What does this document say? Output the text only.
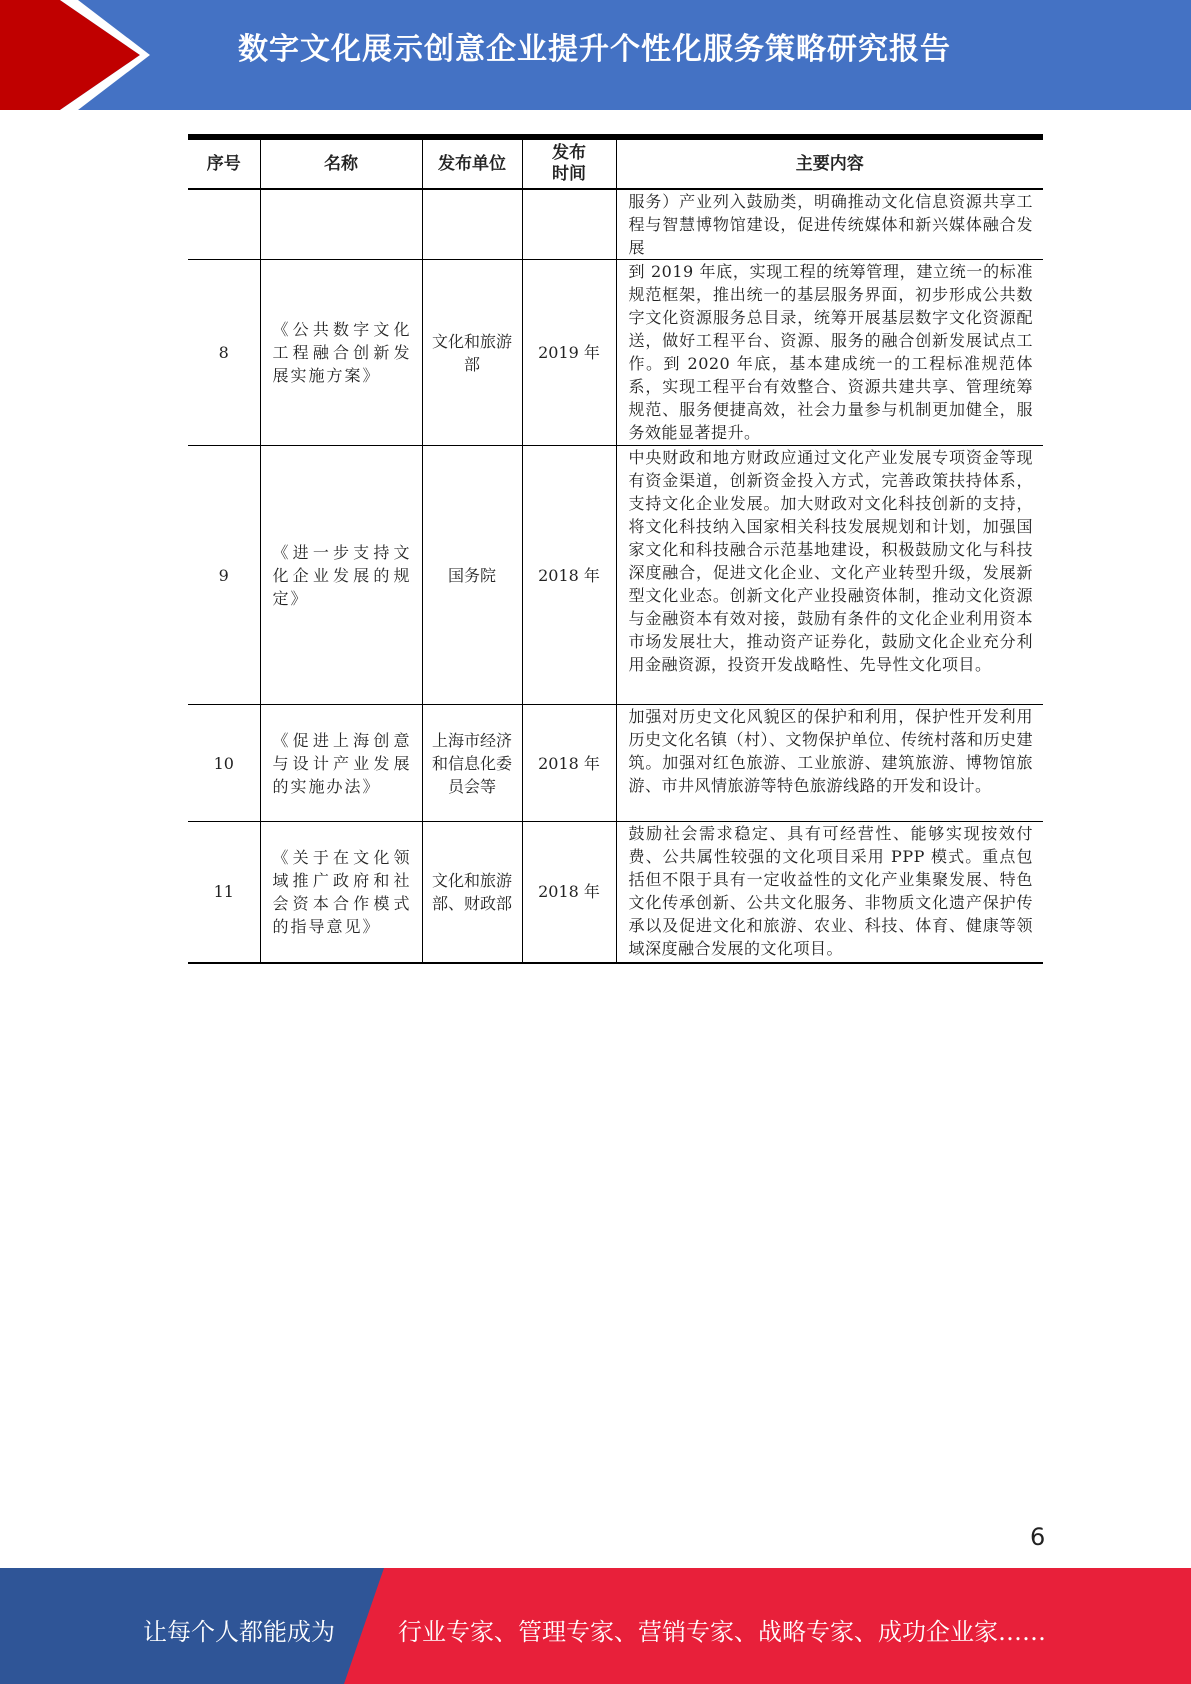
数字文化展示创意企业提升个性化服务策略研究报告
序号	名称	发布单位	发布时间	主要内容
				服务）产业列入鼓励类，明确推动文化信息资源共享工程与智慧博物馆建设，促进传统媒体和新兴媒体融合发展
8	《公共数字文化工程融合创新发展实施方案》	文化和旅游部	2019 年	到 2019 年底，实现工程的统筹管理，建立统一的标准规范框架，推出统一的基层服务界面，初步形成公共数字文化资源服务总目录，统筹开展基层数字文化资源配送，做好工程平台、资源、服务的融合创新发展试点工作。到 2020 年底，基本建成统一的工程标准规范体系，实现工程平台有效整合、资源共建共享、管理统筹规范、服务便捷高效，社会力量参与机制更加健全，服务效能显著提升。
9	《进一步支持文化企业发展的规定》	国务院	2018 年	中央财政和地方财政应通过文化产业发展专项资金等现有资金渠道，创新资金投入方式，完善政策扶持体系，支持文化企业发展。加大财政对文化科技创新的支持，将文化科技纳入国家相关科技发展规划和计划，加强国家文化和科技融合示范基地建设，积极鼓励文化与科技深度融合，促进文化企业、文化产业转型升级，发展新型文化业态。创新文化产业投融资体制，推动文化资源与金融资本有效对接，鼓励有条件的文化企业利用资本市场发展壮大，推动资产证券化，鼓励文化企业充分利用金融资源，投资开发战略性、先导性文化项目。
10	《促进上海创意与设计产业发展的实施办法》	上海市经济和信息化委员会等	2018 年	加强对历史文化风貌区的保护和利用，保护性开发利用历史文化名镇（村）、文物保护单位、传统村落和历史建筑。加强对红色旅游、工业旅游、建筑旅游、博物馆旅游、市井风情旅游等特色旅游线路的开发和设计。
11	《关于在文化领域推广政府和社会资本合作模式的指导意见》	文化和旅游部、财政部	2018 年	鼓励社会需求稳定、具有可经营性、能够实现按效付费、公共属性较强的文化项目采用 PPP 模式。重点包括但不限于具有一定收益性的文化产业集聚发展、特色文化传承创新、公共文化服务、非物质文化遗产保护传承以及促进文化和旅游、农业、科技、体育、健康等领域深度融合发展的文化项目。
6
让每个人都能成为	行业专家、管理专家、营销专家、战略专家、成功企业家……
